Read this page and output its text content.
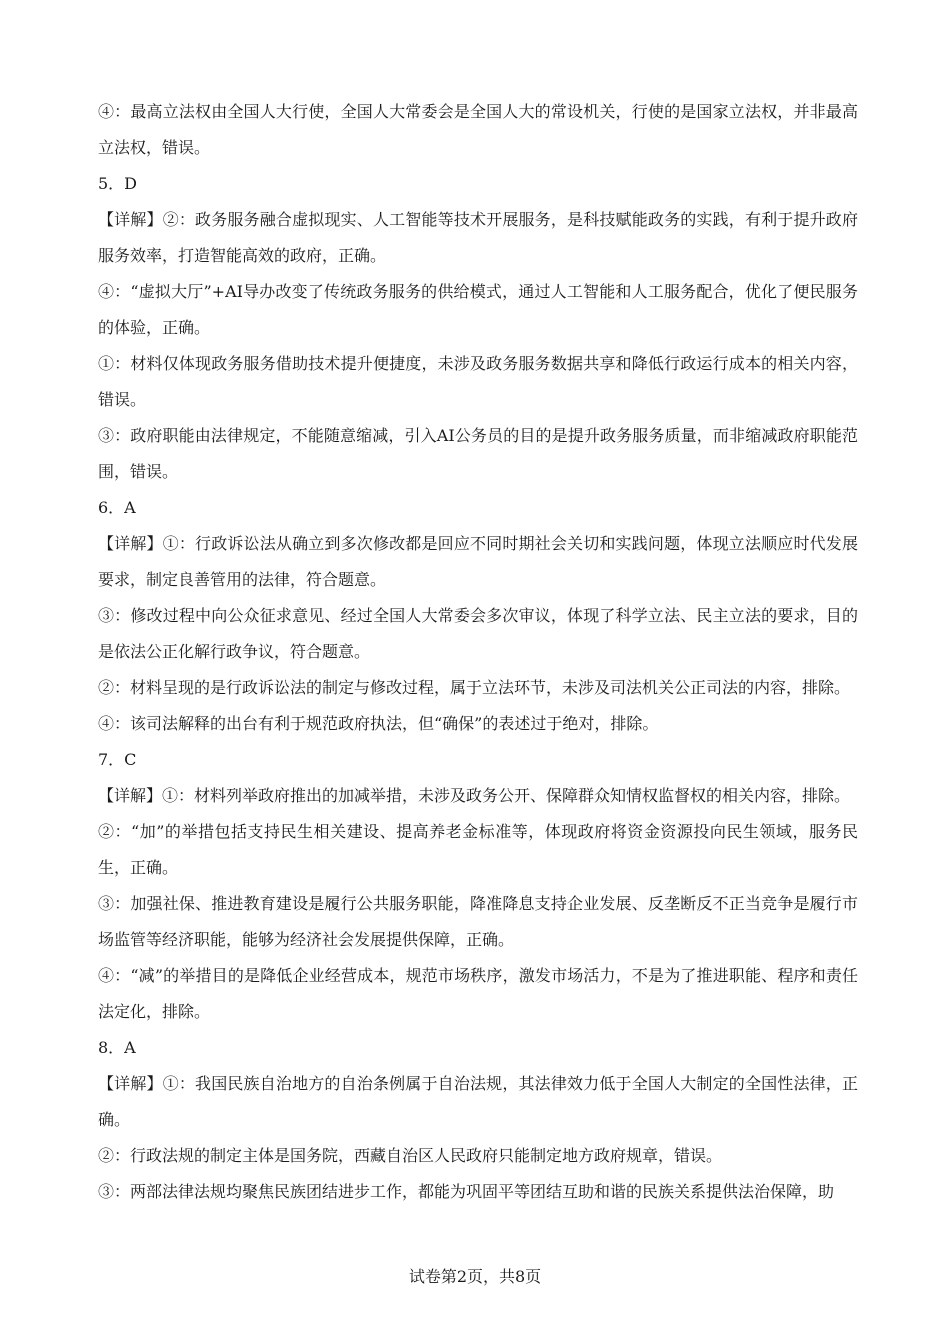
④：最高立法权由全国人大行使，全国人大常委会是全国人大的常设机关，行使的是国家立法权，并非最高立法权，错误。

5．D

【详解】②：政务服务融合虚拟现实、人工智能等技术开展服务，是科技赋能政务的实践，有利于提升政府服务效率，打造智能高效的政府，正确。

④：“虚拟大厅”+AI导办改变了传统政务服务的供给模式，通过人工智能和人工服务配合，优化了便民服务的体验，正确。

①：材料仅体现政务服务借助技术提升便捷度，未涉及政务服务数据共享和降低行政运行成本的相关内容，错误。

③：政府职能由法律规定，不能随意缩减，引入AI公务员的目的是提升政务服务质量，而非缩减政府职能范围，错误。

6．A

【详解】①：行政诉讼法从确立到多次修改都是回应不同时期社会关切和实践问题，体现立法顺应时代发展要求，制定良善管用的法律，符合题意。

③：修改过程中向公众征求意见、经过全国人大常委会多次审议，体现了科学立法、民主立法的要求，目的是依法公正化解行政争议，符合题意。

②：材料呈现的是行政诉讼法的制定与修改过程，属于立法环节，未涉及司法机关公正司法的内容，排除。

④：该司法解释的出台有利于规范政府执法，但“确保”的表述过于绝对，排除。

7．C

【详解】①：材料列举政府推出的加减举措，未涉及政务公开、保障群众知情权监督权的相关内容，排除。

②：“加”的举措包括支持民生相关建设、提高养老金标准等，体现政府将资金资源投向民生领域，服务民生，正确。

③：加强社保、推进教育建设是履行公共服务职能，降准降息支持企业发展、反垄断反不正当竞争是履行市场监管等经济职能，能够为经济社会发展提供保障，正确。

④：“减”的举措目的是降低企业经营成本，规范市场秩序，激发市场活力，不是为了推进职能、程序和责任法定化，排除。

8．A

【详解】①：我国民族自治地方的自治条例属于自治法规，其法律效力低于全国人大制定的全国性法律，正确。

②：行政法规的制定主体是国务院，西藏自治区人民政府只能制定地方政府规章，错误。

③：两部法律法规均聚焦民族团结进步工作，都能为巩固平等团结互助和谐的民族关系提供法治保障，助

试卷第2页，共8页
